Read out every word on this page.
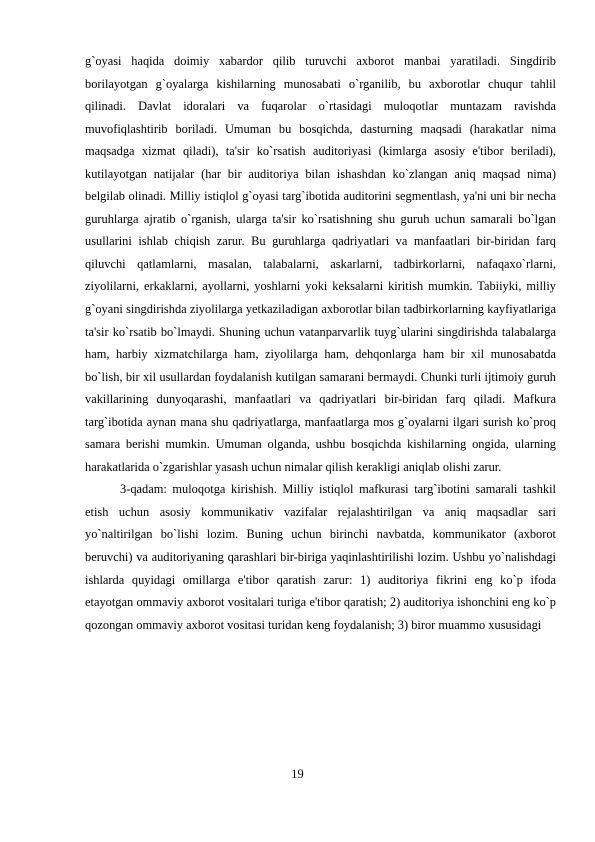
g`oyasi haqida doimiy xabardor qilib turuvchi axborot manbai yaratiladi. Singdirib borilayotgan g`oyalarga kishilarning munosabati o`rganilib, bu axborotlar chuqur tahlil qilinadi. Davlat idoralari va fuqarolar o`rtasidagi muloqotlar muntazam ravishda muvofiqlashtirib boriladi. Umuman bu bosqichda, dasturning maqsadi (harakatlar nima maqsadga xizmat qiladi), ta'sir ko`rsatish auditoriyasi (kimlarga asosiy e'tibor beriladi), kutilayotgan natijalar (har bir auditoriya bilan ishashdan ko`zlangan aniq maqsad nima) belgilab olinadi. Milliy istiqlol g`oyasi targ`ibotida auditorini segmentlash, ya'ni uni bir necha guruhlarga ajratib o`rganish, ularga ta'sir ko`rsatishning shu guruh uchun samarali bo`lgan usullarini ishlab chiqish zarur. Bu guruhlarga qadriyatlari va manfaatlari bir-biridan farq qiluvchi qatlamlarni, masalan, talabalarni, askarlarni, tadbirkorlarni, nafaqaxo`rlarni, ziyolilarni, erkaklarni, ayollarni, yoshlarni yoki keksalarni kiritish mumkin. Tabiiyki, milliy g`oyani singdirishda ziyolilarga yetkaziladigan axborotlar bilan tadbirkorlarning kayfiyatlariga ta'sir ko`rsatib bo`lmaydi. Shuning uchun vatanparvarlik tuyg`ularini singdirishda talabalarga ham, harbiy xizmatchilarga ham, ziyolilarga ham, dehqonlarga ham bir xil munosabatda bo`lish, bir xil usullardan foydalanish kutilgan samarani bermaydi. Chunki turli ijtimoiy guruh vakillarining dunyoqarashi, manfaatlari va qadriyatlari bir-biridan farq qiladi. Mafkura targ`ibotida aynan mana shu qadriyatlarga, manfaatlarga mos g`oyalarni ilgari surish ko`proq samara berishi mumkin. Umuman olganda, ushbu bosqichda kishilarning ongida, ularning harakatlarida o`zgarishlar yasash uchun nimalar qilish kerakligi aniqlab olishi zarur.

3-qadam: muloqotga kirishish. Milliy istiqlol mafkurasi targ`ibotini samarali tashkil etish uchun asosiy kommunikativ vazifalar rejalashtirilgan va aniq maqsadlar sari yo`naltirilgan bo`lishi lozim. Buning uchun birinchi navbatda, kommunikator (axborot beruvchi) va auditoriyaning qarashlari bir-biriga yaqinlashtirilishi lozim. Ushbu yo`nalishdagi ishlarda quyidagi omillarga e'tibor qaratish zarur: 1) auditoriya fikrini eng ko`p ifoda etayotgan ommaviy axborot vositalari turiga e'tibor qaratish; 2) auditoriya ishonchini eng ko`p qozongan ommaviy axborot vositasi turidan keng foydalanish; 3) biror muammo xususidagi

19
